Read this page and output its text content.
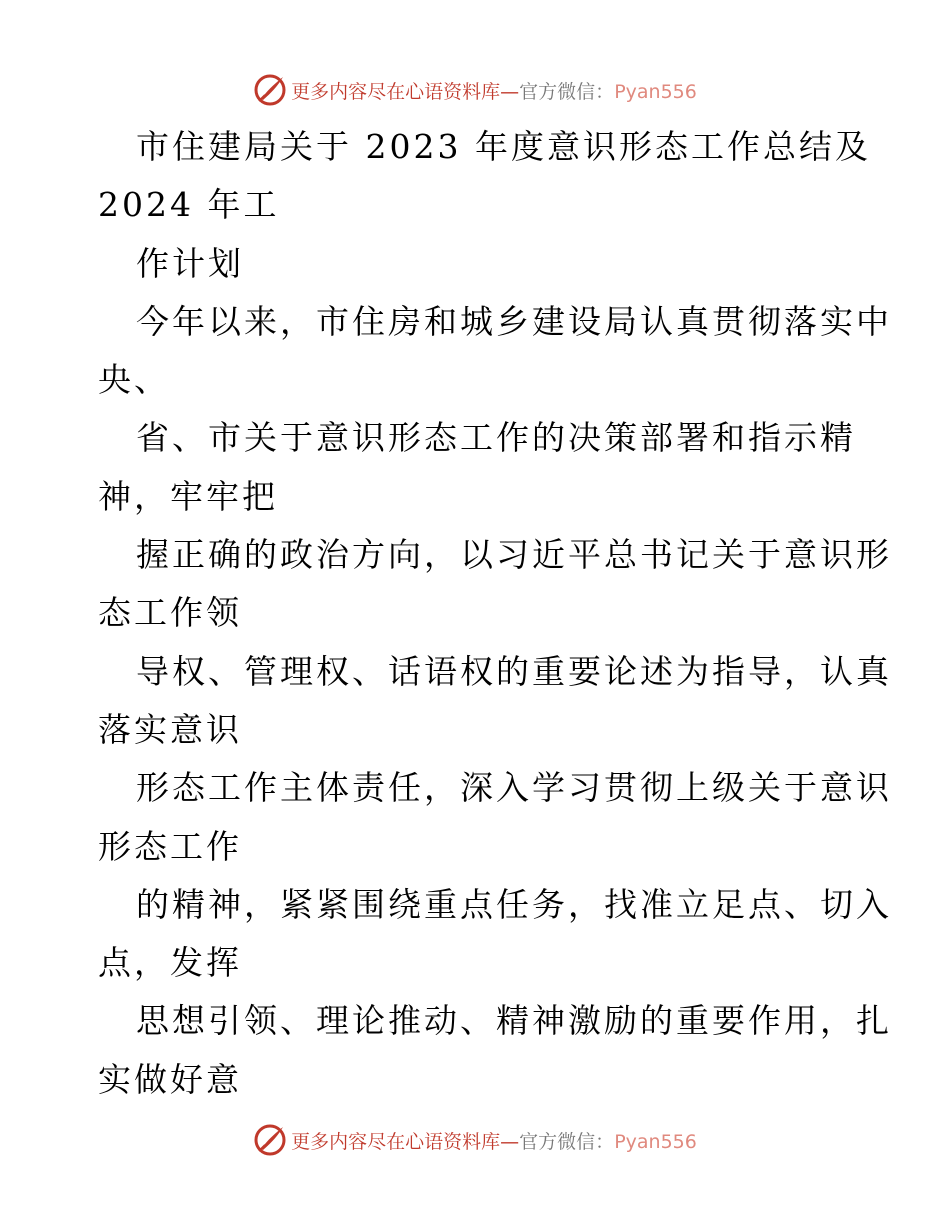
更多内容尽在心语资料库—官方微信：Pyan556
市住建局关于 2023 年度意识形态工作总结及
2024 年工
作计划
今年以来，市住房和城乡建设局认真贯彻落实中
央、
省、市关于意识形态工作的决策部署和指示精
神，牢牢把
握正确的政治方向，以习近平总书记关于意识形
态工作领
导权、管理权、话语权的重要论述为指导，认真
落实意识
形态工作主体责任，深入学习贯彻上级关于意识
形态工作
的精神，紧紧围绕重点任务，找准立足点、切入
点，发挥
思想引领、理论推动、精神激励的重要作用，扎
实做好意
更多内容尽在心语资料库—官方微信：Pyan556
